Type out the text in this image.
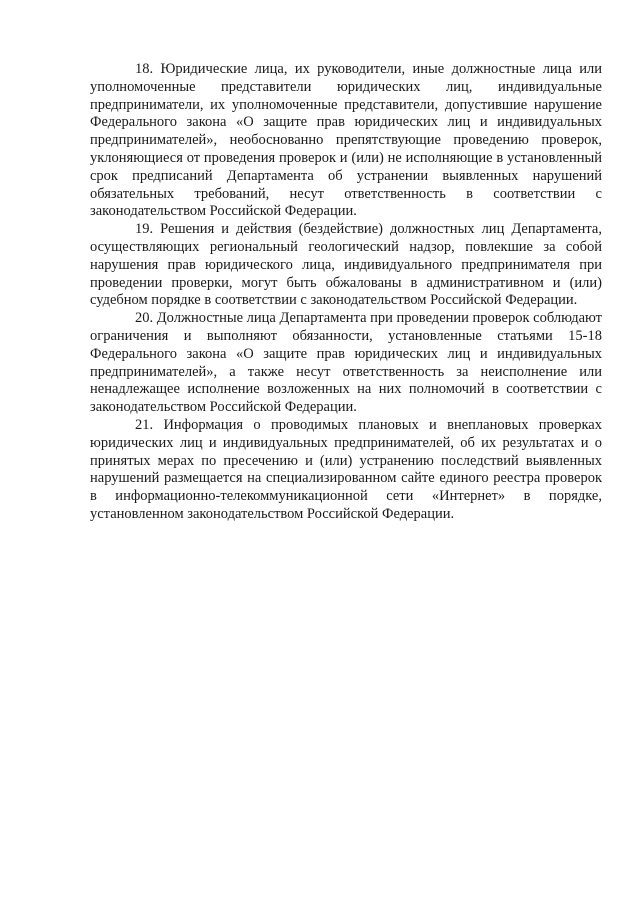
18. Юридические лица, их руководители, иные должностные лица или уполномоченные представители юридических лиц, индивидуальные предприниматели, их уполномоченные представители, допустившие нарушение Федерального закона «О защите прав юридических лиц и индивидуальных предпринимателей», необоснованно препятствующие проведению проверок, уклоняющиеся от проведения проверок и (или) не исполняющие в установленный срок предписаний Департамента об устранении выявленных нарушений обязательных требований, несут ответственность в соответствии с законодательством Российской Федерации.

19. Решения и действия (бездействие) должностных лиц Департамента, осуществляющих региональный геологический надзор, повлекшие за собой нарушения прав юридического лица, индивидуального предпринимателя при проведении проверки, могут быть обжалованы в административном и (или) судебном порядке в соответствии с законодательством Российской Федерации.

20. Должностные лица Департамента при проведении проверок соблюдают ограничения и выполняют обязанности, установленные статьями 15-18 Федерального закона «О защите прав юридических лиц и индивидуальных предпринимателей», а также несут ответственность за неисполнение или ненадлежащее исполнение возложенных на них полномочий в соответствии с законодательством Российской Федерации.

21. Информация о проводимых плановых и внеплановых проверках юридических лиц и индивидуальных предпринимателей, об их результатах и о принятых мерах по пресечению и (или) устранению последствий выявленных нарушений размещается на специализированном сайте единого реестра проверок в информационно-телекоммуникационной сети «Интернет» в порядке, установленном законодательством Российской Федерации.
